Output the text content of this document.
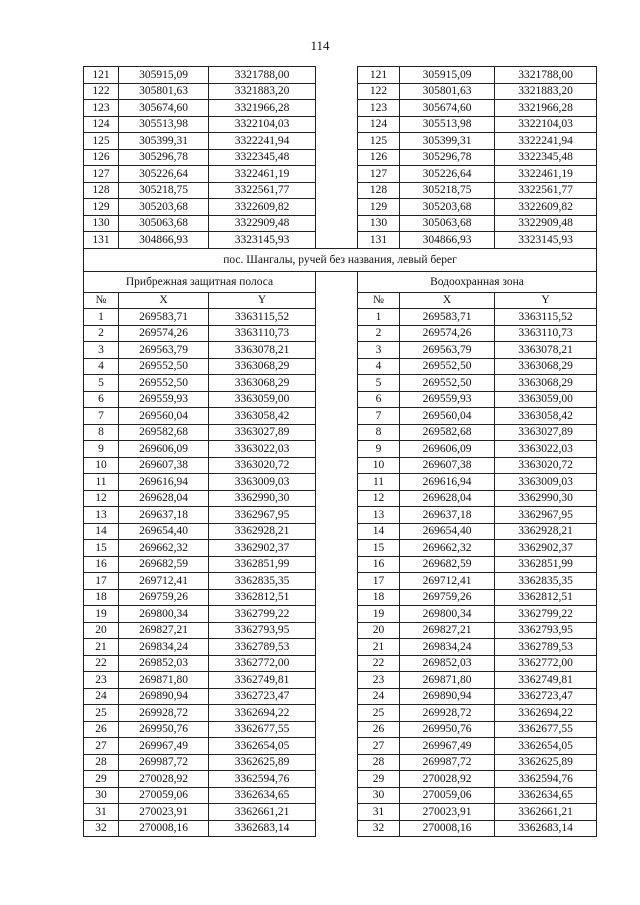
114
121	305915,09	3321788,00		121	305915,09	3321788,00
122	305801,63	3321883,20		122	305801,63	3321883,20
123	305674,60	3321966,28		123	305674,60	3321966,28
124	305513,98	3322104,03		124	305513,98	3322104,03
125	305399,31	3322241,94		125	305399,31	3322241,94
126	305296,78	3322345,48		126	305296,78	3322345,48
127	305226,64	3322461,19		127	305226,64	3322461,19
128	305218,75	3322561,77		128	305218,75	3322561,77
129	305203,68	3322609,82		129	305203,68	3322609,82
130	305063,68	3322909,48		130	305063,68	3322909,48
131	304866,93	3323145,93		131	304866,93	3323145,93
пос. Шангалы, ручей без названия, левый берег						
Прибрежная защитная полоса				Водоохранная зона		
№	X	Y		№	X	Y
1	269583,71	3363115,52		1	269583,71	3363115,52
2	269574,26	3363110,73		2	269574,26	3363110,73
3	269563,79	3363078,21		3	269563,79	3363078,21
4	269552,50	3363068,29		4	269552,50	3363068,29
5	269552,50	3363068,29		5	269552,50	3363068,29
6	269559,93	3363059,00		6	269559,93	3363059,00
7	269560,04	3363058,42		7	269560,04	3363058,42
8	269582,68	3363027,89		8	269582,68	3363027,89
9	269606,09	3363022,03		9	269606,09	3363022,03
10	269607,38	3363020,72		10	269607,38	3363020,72
11	269616,94	3363009,03		11	269616,94	3363009,03
12	269628,04	3362990,30		12	269628,04	3362990,30
13	269637,18	3362967,95		13	269637,18	3362967,95
14	269654,40	3362928,21		14	269654,40	3362928,21
15	269662,32	3362902,37		15	269662,32	3362902,37
16	269682,59	3362851,99		16	269682,59	3362851,99
17	269712,41	3362835,35		17	269712,41	3362835,35
18	269759,26	3362812,51		18	269759,26	3362812,51
19	269800,34	3362799,22		19	269800,34	3362799,22
20	269827,21	3362793,95		20	269827,21	3362793,95
21	269834,24	3362789,53		21	269834,24	3362789,53
22	269852,03	3362772,00		22	269852,03	3362772,00
23	269871,80	3362749,81		23	269871,80	3362749,81
24	269890,94	3362723,47		24	269890,94	3362723,47
25	269928,72	3362694,22		25	269928,72	3362694,22
26	269950,76	3362677,55		26	269950,76	3362677,55
27	269967,49	3362654,05		27	269967,49	3362654,05
28	269987,72	3362625,89		28	269987,72	3362625,89
29	270028,92	3362594,76		29	270028,92	3362594,76
30	270059,06	3362634,65		30	270059,06	3362634,65
31	270023,91	3362661,21		31	270023,91	3362661,21
32	270008,16	3362683,14		32	270008,16	3362683,14
